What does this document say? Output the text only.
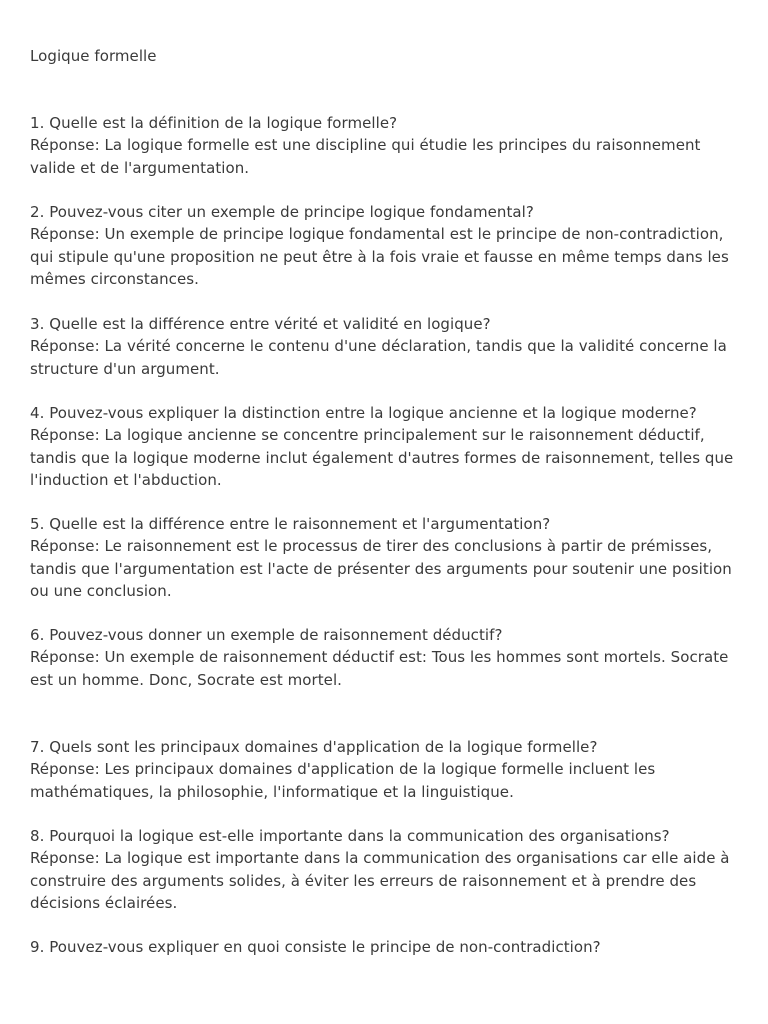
Logique formelle

1. Quelle est la définition de la logique formelle?

Réponse: La logique formelle est une discipline qui étudie les principes du raisonnement valide et de l'argumentation.

2. Pouvez-vous citer un exemple de principe logique fondamental?

Réponse: Un exemple de principe logique fondamental est le principe de non-contradiction, qui stipule qu'une proposition ne peut être à la fois vraie et fausse en même temps dans les mêmes circonstances.

3. Quelle est la différence entre vérité et validité en logique?

Réponse: La vérité concerne le contenu d'une déclaration, tandis que la validité concerne la structure d'un argument.

4. Pouvez-vous expliquer la distinction entre la logique ancienne et la logique moderne?

Réponse: La logique ancienne se concentre principalement sur le raisonnement déductif, tandis que la logique moderne inclut également d'autres formes de raisonnement, telles que l'induction et l'abduction.

5. Quelle est la différence entre le raisonnement et l'argumentation?

Réponse: Le raisonnement est le processus de tirer des conclusions à partir de prémisses, tandis que l'argumentation est l'acte de présenter des arguments pour soutenir une position ou une conclusion.

6. Pouvez-vous donner un exemple de raisonnement déductif?

Réponse: Un exemple de raisonnement déductif est: Tous les hommes sont mortels. Socrate est un homme. Donc, Socrate est mortel.

7. Quels sont les principaux domaines d'application de la logique formelle?

Réponse: Les principaux domaines d'application de la logique formelle incluent les mathématiques, la philosophie, l'informatique et la linguistique.

8. Pourquoi la logique est-elle importante dans la communication des organisations?

Réponse: La logique est importante dans la communication des organisations car elle aide à construire des arguments solides, à éviter les erreurs de raisonnement et à prendre des décisions éclairées.

9. Pouvez-vous expliquer en quoi consiste le principe de non-contradiction?
